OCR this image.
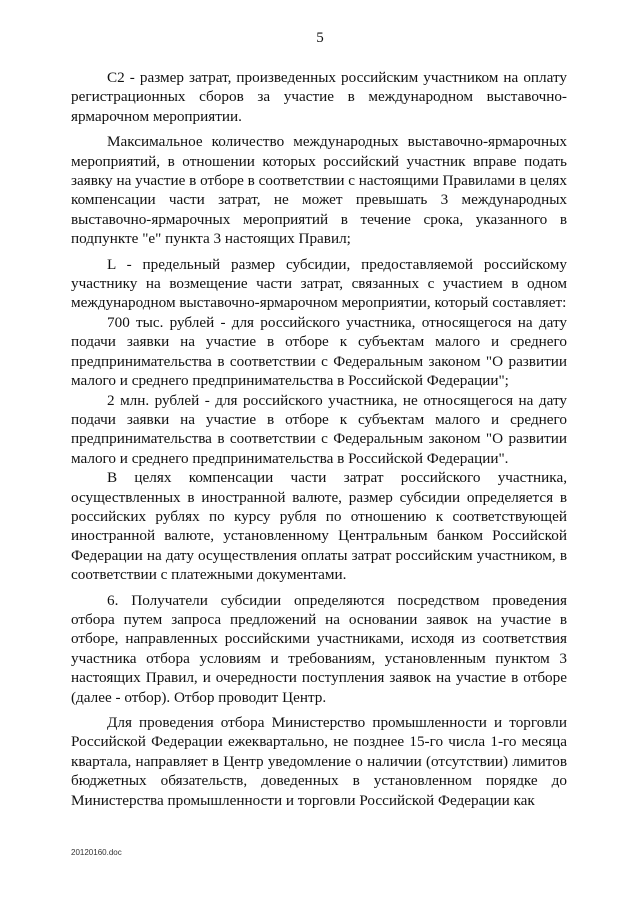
5

С2 - размер затрат, произведенных российским участником на оплату регистрационных сборов за участие в международном выставочно-ярмарочном мероприятии.

Максимальное количество международных выставочно-ярмарочных мероприятий, в отношении которых российский участник вправе подать заявку на участие в отборе в соответствии с настоящими Правилами в целях компенсации части затрат, не может превышать 3 международных выставочно-ярмарочных мероприятий в течение срока, указанного в подпункте "е" пункта 3 настоящих Правил;

L - предельный размер субсидии, предоставляемой российскому участнику на возмещение части затрат, связанных с участием в одном международном выставочно-ярмарочном мероприятии, который составляет:

700 тыс. рублей - для российского участника, относящегося на дату подачи заявки на участие в отборе к субъектам малого и среднего предпринимательства в соответствии с Федеральным законом "О развитии малого и среднего предпринимательства в Российской Федерации";

2 млн. рублей - для российского участника, не относящегося на дату подачи заявки на участие в отборе к субъектам малого и среднего предпринимательства в соответствии с Федеральным законом "О развитии малого и среднего предпринимательства в Российской Федерации".

В целях компенсации части затрат российского участника, осуществленных в иностранной валюте, размер субсидии определяется в российских рублях по курсу рубля по отношению к соответствующей иностранной валюте, установленному Центральным банком Российской Федерации на дату осуществления оплаты затрат российским участником, в соответствии с платежными документами.

6. Получатели субсидии определяются посредством проведения отбора путем запроса предложений на основании заявок на участие в отборе, направленных российскими участниками, исходя из соответствия участника отбора условиям и требованиям, установленным пунктом 3 настоящих Правил, и очередности поступления заявок на участие в отборе (далее - отбор). Отбор проводит Центр.

Для проведения отбора Министерство промышленности и торговли Российской Федерации ежеквартально, не позднее 15-го числа 1-го месяца квартала, направляет в Центр уведомление о наличии (отсутствии) лимитов бюджетных обязательств, доведенных в установленном порядке до Министерства промышленности и торговли Российской Федерации как

20120160.doc
